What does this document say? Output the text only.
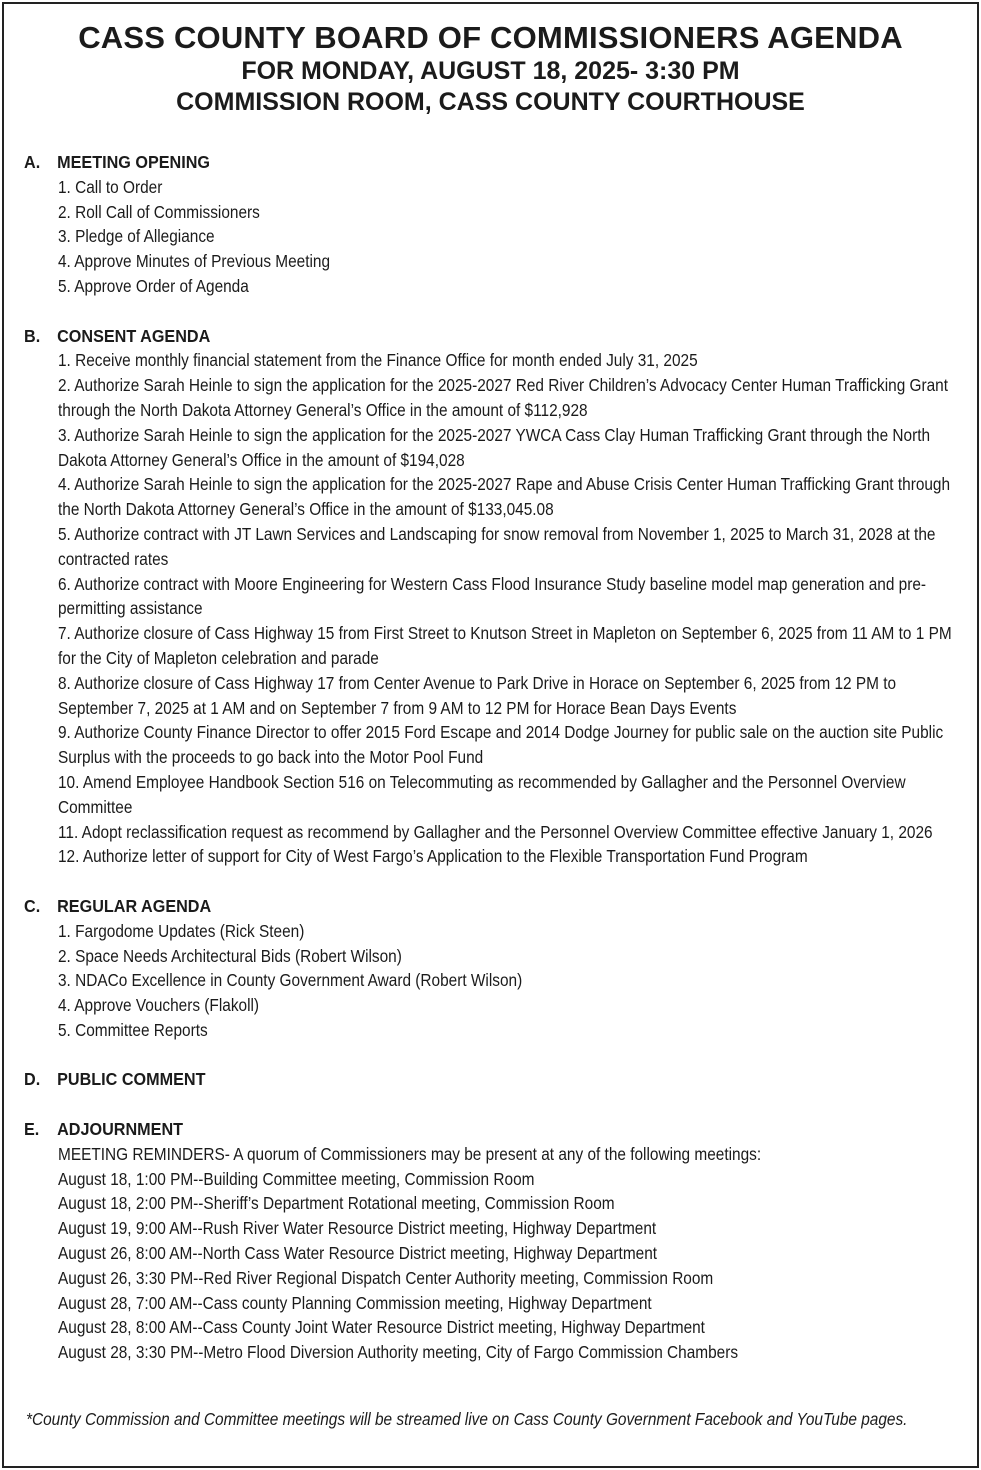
CASS COUNTY BOARD OF COMMISSIONERS AGENDA

FOR MONDAY, AUGUST 18, 2025- 3:30 PM

COMMISSION ROOM, CASS COUNTY COURTHOUSE

A. MEETING OPENING
1. Call to Order
2. Roll Call of Commissioners
3. Pledge of Allegiance
4. Approve Minutes of Previous Meeting
5. Approve Order of Agenda
B. CONSENT AGENDA
1. Receive monthly financial statement from the Finance Office for month ended July 31, 2025
2. Authorize Sarah Heinle to sign the application for the 2025-2027 Red River Children’s Advocacy Center Human Trafficking Grant through the North Dakota Attorney General’s Office in the amount of $112,928
3. Authorize Sarah Heinle to sign the application for the 2025-2027 YWCA Cass Clay Human Trafficking Grant through the North Dakota Attorney General’s Office in the amount of $194,028
4. Authorize Sarah Heinle to sign the application for the 2025-2027 Rape and Abuse Crisis Center Human Trafficking Grant through the North Dakota Attorney General’s Office in the amount of $133,045.08
5. Authorize contract with JT Lawn Services and Landscaping for snow removal from November 1, 2025 to March 31, 2028 at the contracted rates
6. Authorize contract with Moore Engineering for Western Cass Flood Insurance Study baseline model map generation and pre-permitting assistance
7. Authorize closure of Cass Highway 15 from First Street to Knutson Street in Mapleton on September 6, 2025 from 11 AM to 1 PM for the City of Mapleton celebration and parade
8. Authorize closure of Cass Highway 17 from Center Avenue to Park Drive in Horace on September 6, 2025 from 12 PM to September 7, 2025 at 1 AM and on September 7 from 9 AM to 12 PM for Horace Bean Days Events
9. Authorize County Finance Director to offer 2015 Ford Escape and 2014 Dodge Journey for public sale on the auction site Public Surplus with the proceeds to go back into the Motor Pool Fund
10. Amend Employee Handbook Section 516 on Telecommuting as recommended by Gallagher and the Personnel Overview Committee
11. Adopt reclassification request as recommend by Gallagher and the Personnel Overview Committee effective January 1, 2026
12. Authorize letter of support for City of West Fargo’s Application to the Flexible Transportation Fund Program
C. REGULAR AGENDA
1. Fargodome Updates (Rick Steen)
2. Space Needs Architectural Bids (Robert Wilson)
3. NDACo Excellence in County Government Award (Robert Wilson)
4. Approve Vouchers (Flakoll)
5. Committee Reports
D. PUBLIC COMMENT
E.	ADJOURNMENT
MEETING REMINDERS- A quorum of Commissioners may be present at any of the following meetings:
August 18, 1:00 PM--Building Committee meeting, Commission Room
August 18, 2:00 PM--Sheriff’s Department Rotational meeting, Commission Room
August 19, 9:00 AM--Rush River Water Resource District meeting, Highway Department
August 26, 8:00 AM--North Cass Water Resource District meeting, Highway Department
August 26, 3:30 PM--Red River Regional Dispatch Center Authority meeting, Commission Room
August 28, 7:00 AM--Cass county Planning Commission meeting, Highway Department
August 28, 8:00 AM--Cass County Joint Water Resource District meeting, Highway Department
August 28, 3:30 PM--Metro Flood Diversion Authority meeting, City of Fargo Commission Chambers
*County Commission and Committee meetings will be streamed live on Cass County Government Facebook and YouTube pages.
